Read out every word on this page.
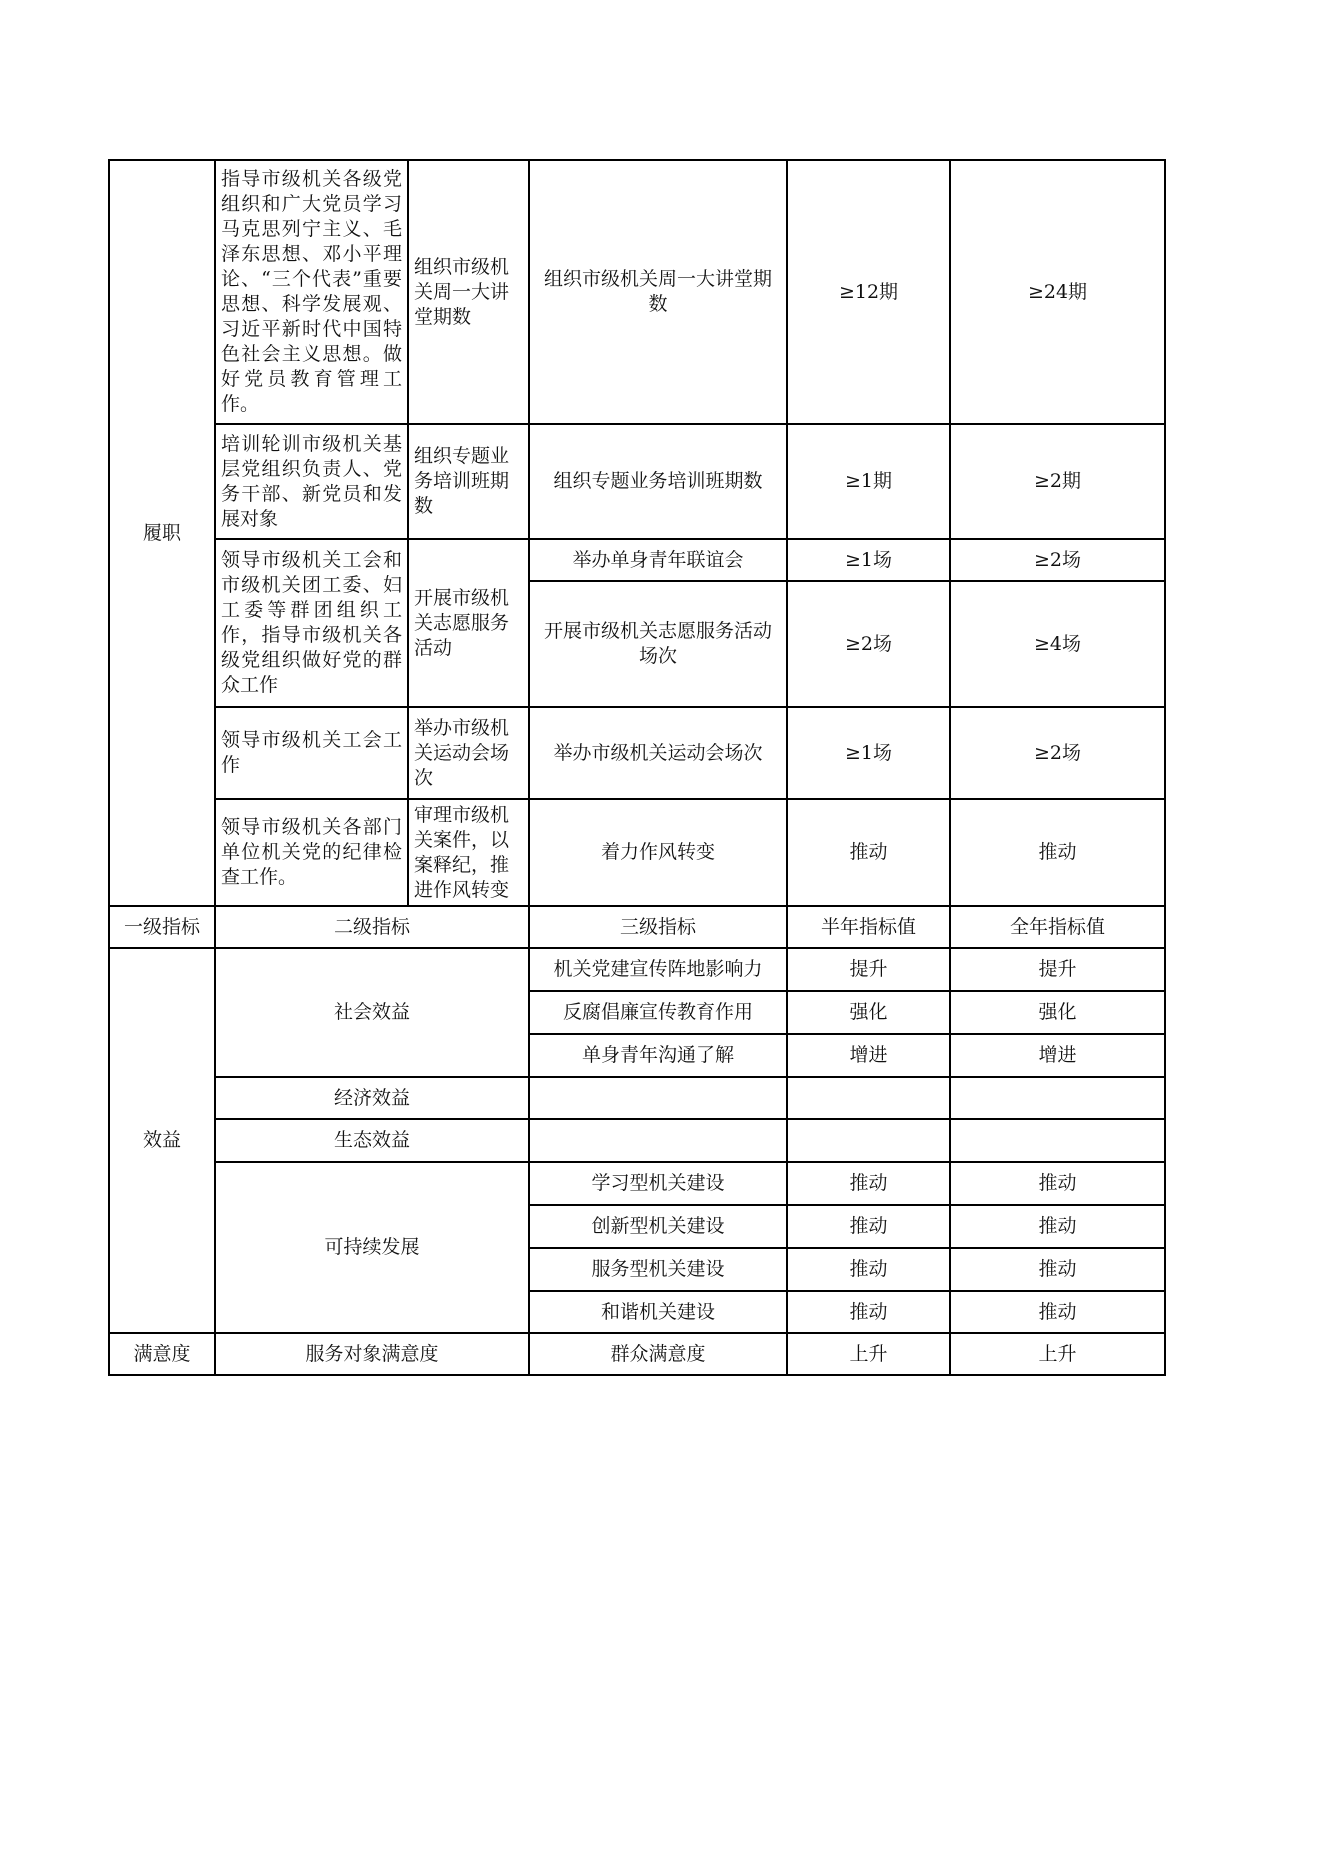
履职	指导市级机关各级党组织和广大党员学习马克思列宁主义、毛泽东思想、邓小平理论、“三个代表”重要思想、科学发展观、习近平新时代中国特色社会主义思想。做好党员教育管理工作。	组织市级机关周一大讲堂期数	组织市级机关周一大讲堂期数	≥12期	≥24期
	培训轮训市级机关基层党组织负责人、党务干部、新党员和发展对象	组织专题业务培训班期数	组织专题业务培训班期数	≥1期	≥2期
	领导市级机关工会和市级机关团工委、妇工委等群团组织工作，指导市级机关各级党组织做好党的群众工作	开展市级机关志愿服务活动	举办单身青年联谊会	≥1场	≥2场
			开展市级机关志愿服务活动场次	≥2场	≥4场
	领导市级机关工会工作	举办市级机关运动会场次	举办市级机关运动会场次	≥1场	≥2场
	领导市级机关各部门单位机关党的纪律检查工作。	审理市级机关案件，以案释纪，推进作风转变	着力作风转变	推动	推动
一级指标	二级指标		三级指标	半年指标值	全年指标值
效益	社会效益		机关党建宣传阵地影响力	提升	提升
			反腐倡廉宣传教育作用	强化	强化
			单身青年沟通了解	增进	增进
	经济效益				
	生态效益				
	可持续发展		学习型机关建设	推动	推动
			创新型机关建设	推动	推动
			服务型机关建设	推动	推动
			和谐机关建设	推动	推动
满意度	服务对象满意度		群众满意度	上升	上升
